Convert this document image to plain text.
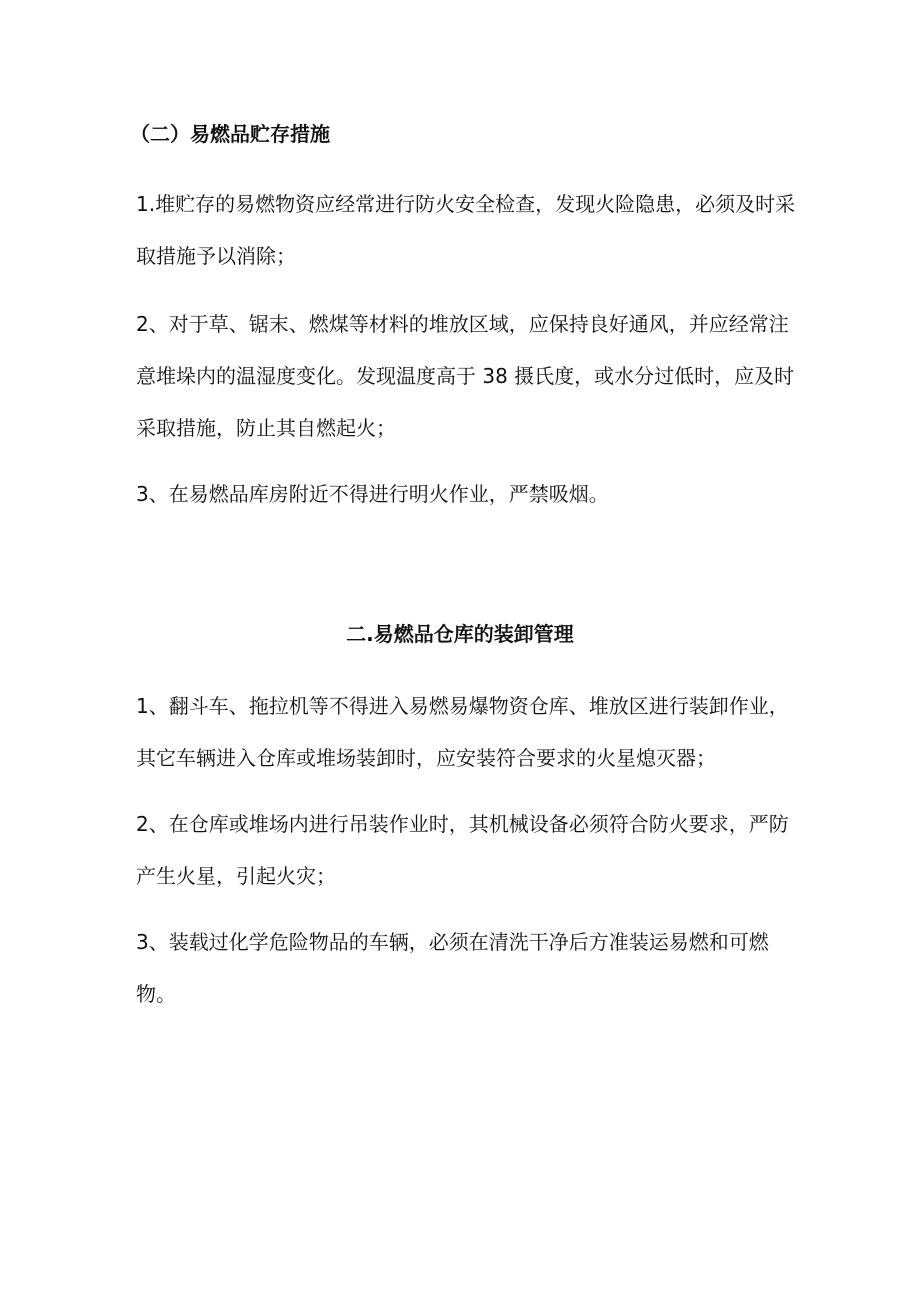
（二）易燃品贮存措施

1.堆贮存的易燃物资应经常进行防火安全检查，发现火险隐患，必须及时采取措施予以消除；

2、对于草、锯末、燃煤等材料的堆放区域，应保持良好通风，并应经常注意堆垛内的温湿度变化。发现温度高于 38 摄氏度，或水分过低时，应及时采取措施，防止其自燃起火；

3、在易燃品库房附近不得进行明火作业，严禁吸烟。

二.易燃品仓库的装卸管理

1、翻斗车、拖拉机等不得进入易燃易爆物资仓库、堆放区进行装卸作业，其它车辆进入仓库或堆场装卸时，应安装符合要求的火星熄灭器；

2、在仓库或堆场内进行吊装作业时，其机械设备必须符合防火要求，严防产生火星，引起火灾；

3、装载过化学危险物品的车辆，必须在清洗干净后方准装运易燃和可燃物。
